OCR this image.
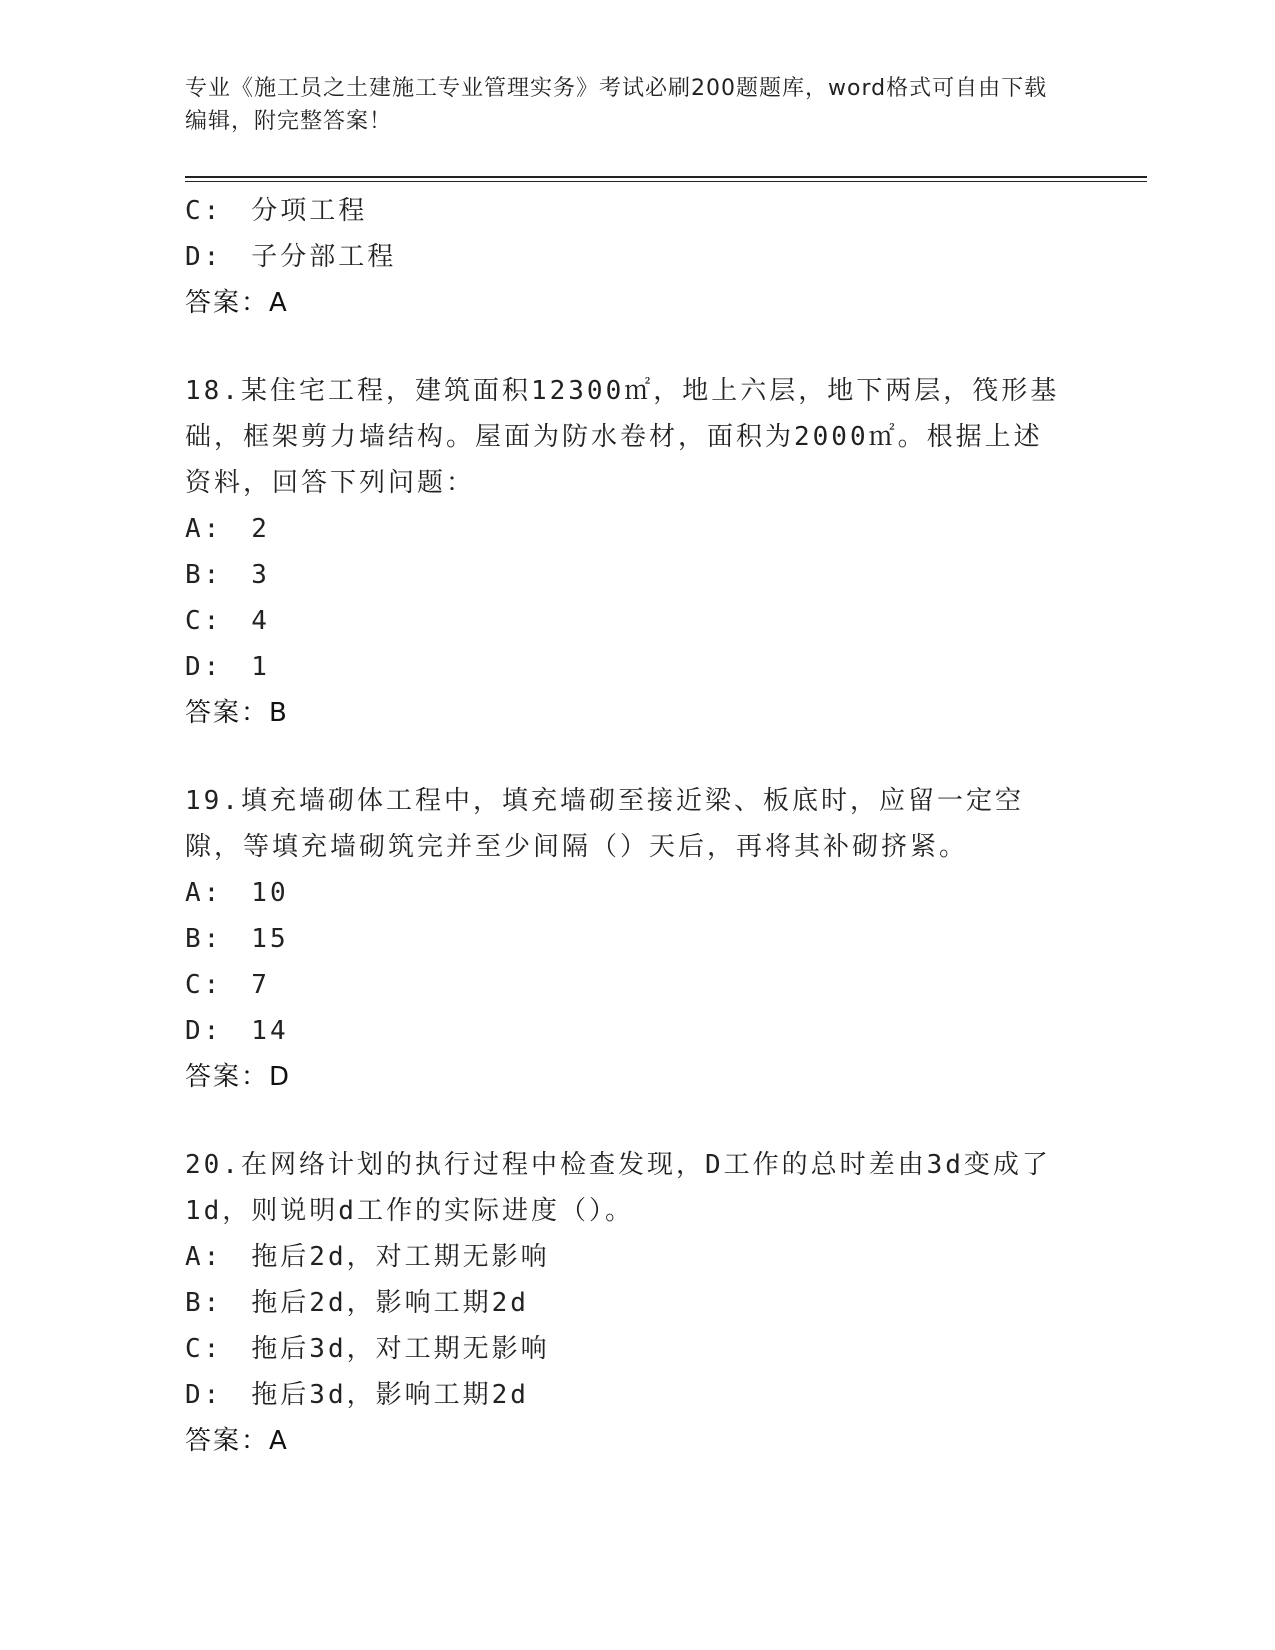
专业《施工员之土建施工专业管理实务》考试必刷200题题库，word格式可自由下载编辑，附完整答案！
C:　分项工程
D:　子分部工程
答案：A
18.某住宅工程，建筑面积12300㎡，地上六层，地下两层，筏形基础，框架剪力墙结构。屋面为防水卷材，面积为2000㎡。根据上述资料，回答下列问题：
A:　2
B:　3
C:　4
D:　1
答案：B
19.填充墙砌体工程中，填充墙砌至接近梁、板底时，应留一定空隙，等填充墙砌筑完并至少间隔（）天后，再将其补砌挤紧。
A:　10
B:　15
C:　7
D:　14
答案：D
20.在网络计划的执行过程中检查发现，D工作的总时差由3d变成了1d，则说明d工作的实际进度（）。
A:　拖后2d，对工期无影响
B:　拖后2d，影响工期2d
C:　拖后3d，对工期无影响
D:　拖后3d，影响工期2d
答案：A
